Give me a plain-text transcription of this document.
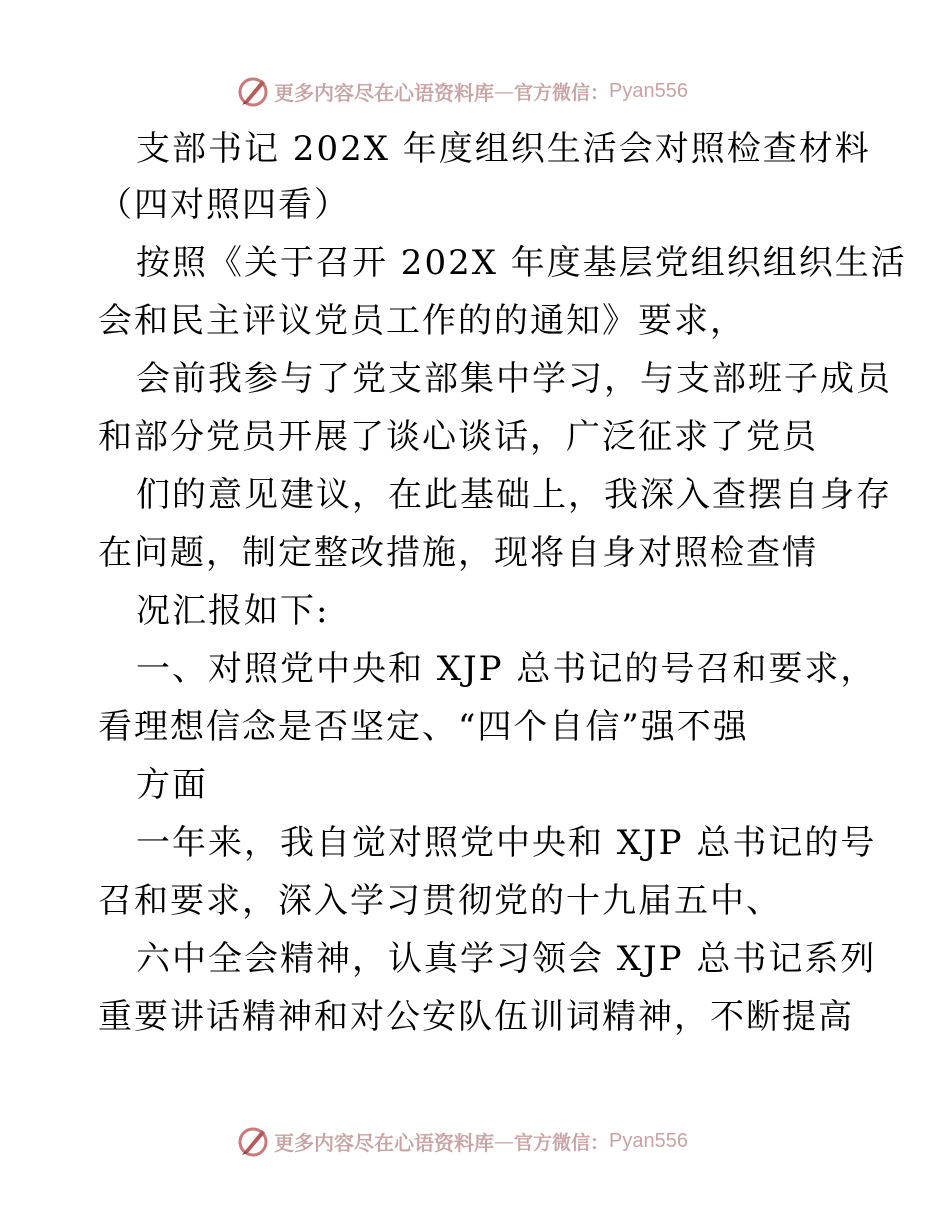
更多内容尽在心语资料库 — 官方微信： Pyan556
支部书记 202X 年度组织生活会对照检查材料
（四对照四看）
按照《关于召开 202X 年度基层党组织组织生活
会和民主评议党员工作的的通知》要求，
会前我参与了党支部集中学习，与支部班子成员
和部分党员开展了谈心谈话，广泛征求了党员
们的意见建议，在此基础上，我深入查摆自身存
在问题，制定整改措施，现将自身对照检查情
况汇报如下:
一、对照党中央和 XJP 总书记的号召和要求，
看理想信念是否坚定、“四个自信”强不强
方面
一年来，我自觉对照党中央和 XJP 总书记的号
召和要求，深入学习贯彻党的十九届五中、
六中全会精神，认真学习领会 XJP 总书记系列
重要讲话精神和对公安队伍训词精神，不断提高
更多内容尽在心语资料库 — 官方微信： Pyan556
